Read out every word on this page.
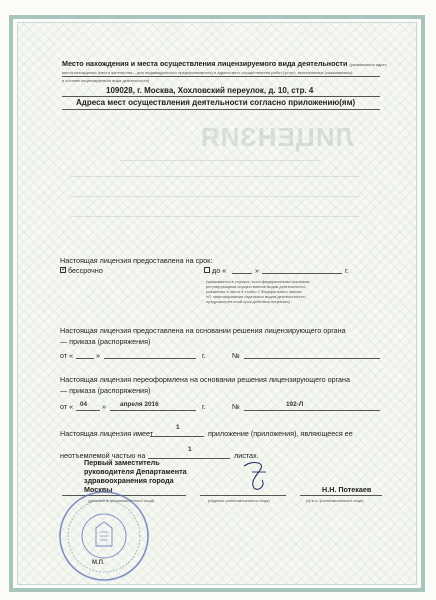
ЛИЦЕНЗИЯ
Место нахождения и места осуществления лицензируемого вида деятельности (указываются адрес
места нахождения (места жительства – для индивидуального предпринимателя) и адреса мест осуществления работ (услуг), выполняемых (оказываемых)
в составе лицензируемого вида деятельности)
109028, г. Москва, Хохловский переулок, д. 10, стр. 4
Адреса мест осуществления деятельности согласно приложению(ям)
Настоящая лицензия предоставлена на срок:
✓ бессрочно	до «	»	г.
(указывается в случаях, если федеральными законами,
регулирующими осуществление видов деятельности,
указанных в части 4 статьи 1 Федерального закона
«О лицензировании отдельных видов деятельности»,
предусмотрен иной срок действия лицензии)
Настоящая лицензия предоставлена на основании решения лицензирующего органа
— приказа (распоряжения)
от «	»	г.	№
Настоящая лицензия переоформлена на основании решения лицензирующего органа
— приказа (распоряжения)
от « 04 » апреля 2016	г.	№	192-Л
Настоящая лицензия имеет
1
приложение (приложения), являющееся ее
неотъемлемой частью на
1
листах.
Первый заместитель
руководителя Департамента
здравоохранения города
Москвы
(должность уполномоченного лица)	(подпись уполномоченного лица)
Н.Н. Потекаев
(ф.и.о. уполномоченного лица)
М.П.
